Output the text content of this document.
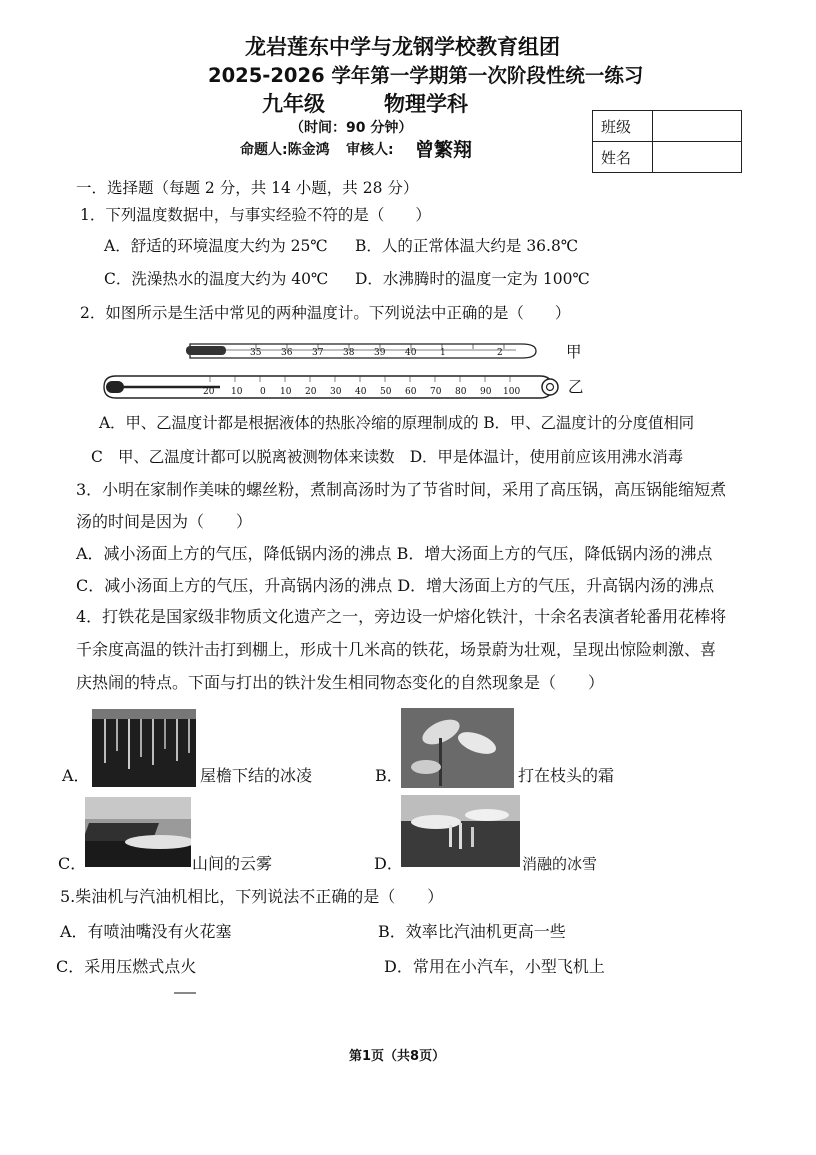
龙岩莲东中学与龙钢学校教育组团
2025-2026 学年第一学期第一次阶段性统一练习
九年级	物理学科
（时间：90 分钟）
命题人:陈金鸿 审核人: 曾繁翔
班级	
姓名	
一．选择题（每题 2 分，共 14 小题，共 28 分）
1．下列温度数据中，与事实经验不符的是（　　）
A．舒适的环境温度大约为 25℃ B．人的正常体温大约是 36.8℃
C．洗澡热水的温度大约为 40℃ D．水沸腾时的温度一定为 100℃
2．如图所示是生活中常见的两种温度计。下列说法中正确的是（　　）
35 36 37 38 39 40	1	2	甲
20 10 0 10 20 30 40 50 60 70 80 90 100	乙
A．甲、乙温度计都是根据液体的热胀冷缩的原理制成的 B．甲、乙温度计的分度值相同
C　甲、乙温度计都可以脱离被测物体来读数　D．甲是体温计，使用前应该用沸水消毒
3．小明在家制作美味的螺丝粉，煮制高汤时为了节省时间，采用了高压锅，高压锅能缩短煮
汤的时间是因为（　　）
A．减小汤面上方的气压，降低锅内汤的沸点 B．增大汤面上方的气压，降低锅内汤的沸点
C．减小汤面上方的气压，升高锅内汤的沸点 D．增大汤面上方的气压，升高锅内汤的沸点
4．打铁花是国家级非物质文化遗产之一，旁边设一炉熔化铁汁，十余名表演者轮番用花棒将
千余度高温的铁汁击打到棚上，形成十几米高的铁花，场景蔚为壮观，呈现出惊险刺激、喜
庆热闹的特点。下面与打出的铁汁发生相同物态变化的自然现象是（　　）
A．	屋檐下结的冰凌	B．	打在枝头的霜
C．	山间的云雾	D．	消融的冰雪
5.柴油机与汽油机相比，下列说法不正确的是（　　）
A．有喷油嘴没有火花塞	B．效率比汽油机更高一些
C．采用压燃式点火	D．常用在小汽车，小型飞机上
第1页（共8页）
